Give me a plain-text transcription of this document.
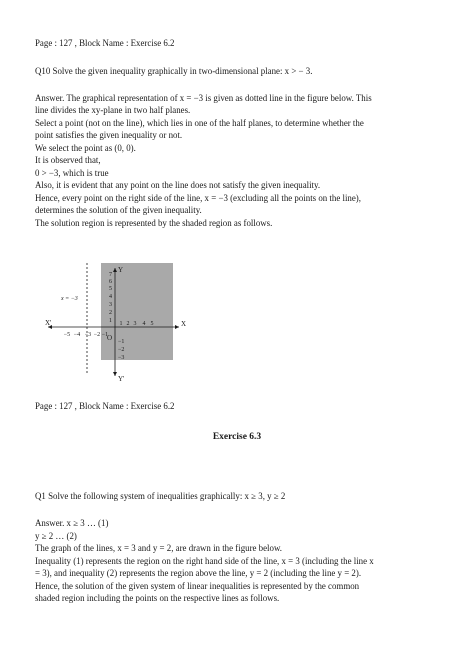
Page : 127 , Block Name : Exercise 6.2
Q10 Solve the given inequality graphically in two-dimensional plane: x > − 3.
Answer. The graphical representation of x = −3 is given as dotted line in the figure below. This
line divides the xy-plane in two half planes.
Select a point (not on the line), which lies in one of the half planes, to determine whether the
point satisfies the given inequality or not.
We select the point as (0, 0).
It is observed that,
0 > −3, which is true
Also, it is evident that any point on the line does not satisfy the given inequality.
Hence, every point on the right side of the line, x = −3 (excluding all the points on the line),
determines the solution of the given inequality.
The solution region is represented by the shaded region as follows.
Y
Y'
X
X'
O
x = −3
1 2 3 4 5
−5 −4 −3 −2 −1
7
6
5
4
3
2
1
−1
−2
−3
Page : 127 , Block Name : Exercise 6.2
Exercise 6.3
Q1 Solve the following system of inequalities graphically: x ≥ 3, y ≥ 2
Answer. x ≥ 3 … (1)
y ≥ 2 … (2)
The graph of the lines, x = 3 and y = 2, are drawn in the figure below.
Inequality (1) represents the region on the right hand side of the line, x = 3 (including the line x
= 3), and inequality (2) represents the region above the line, y = 2 (including the line y = 2).
Hence, the solution of the given system of linear inequalities is represented by the common
shaded region including the points on the respective lines as follows.
